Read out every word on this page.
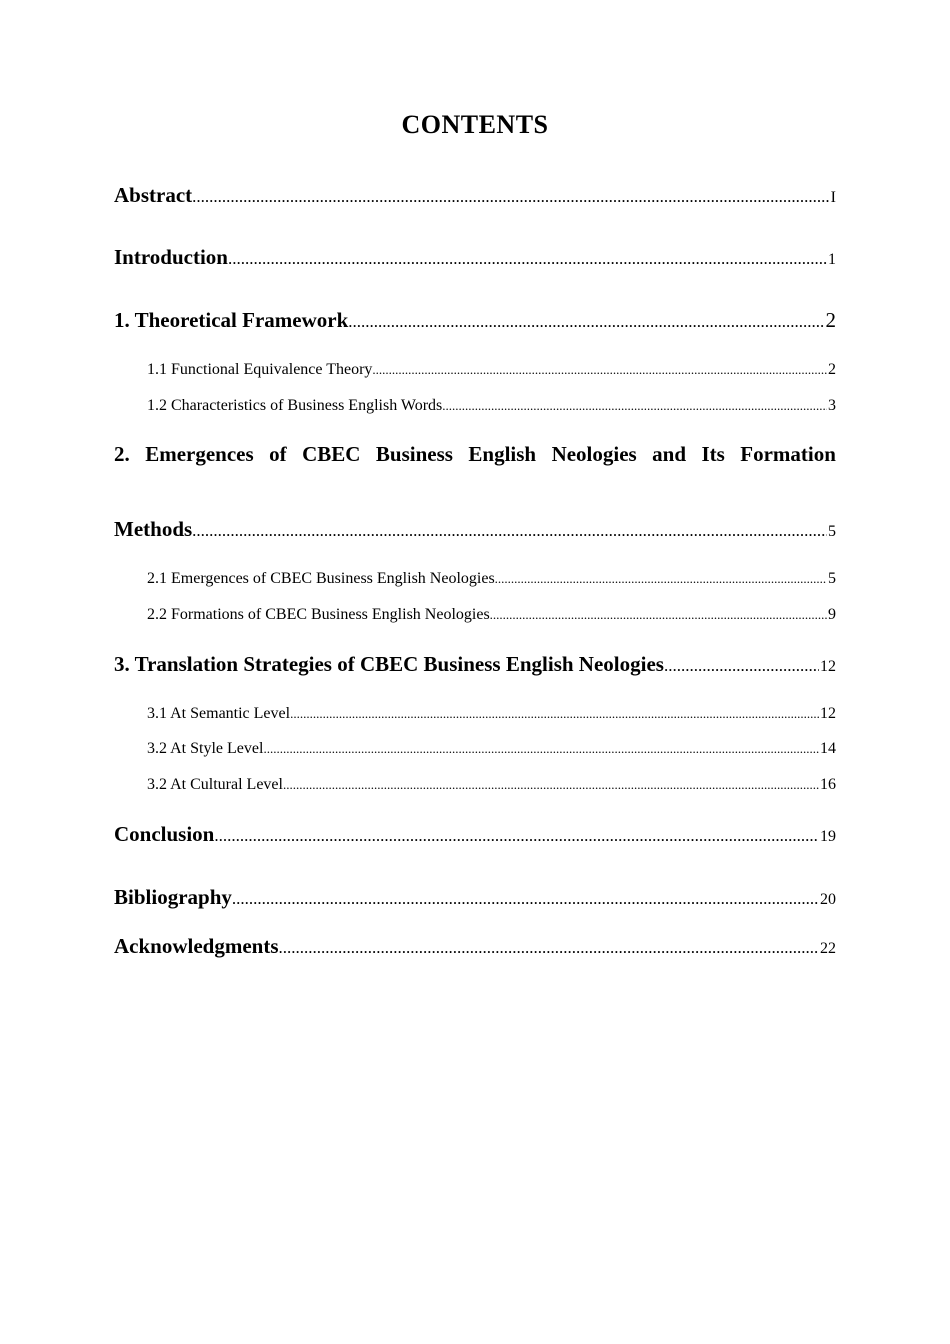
CONTENTS
Abstract .....	I
Introduction .....	1
1. Theoretical Framework .....	2
1.1 Functional Equivalence Theory .....	2
1.2 Characteristics of Business English Words .....	3
2. Emergences of CBEC Business English Neologies and Its Formation
Methods .....	5
2.1 Emergences of CBEC Business English Neologies .....	5
2.2 Formations of CBEC Business English Neologies .....	9
3. Translation Strategies of CBEC Business English Neologies .....	12
3.1 At Semantic Level .....	12
3.2 At Style Level .....	14
3.2 At Cultural Level .....	16
Conclusion .....	19
Bibliography .....	20
Acknowledgments .....	22
